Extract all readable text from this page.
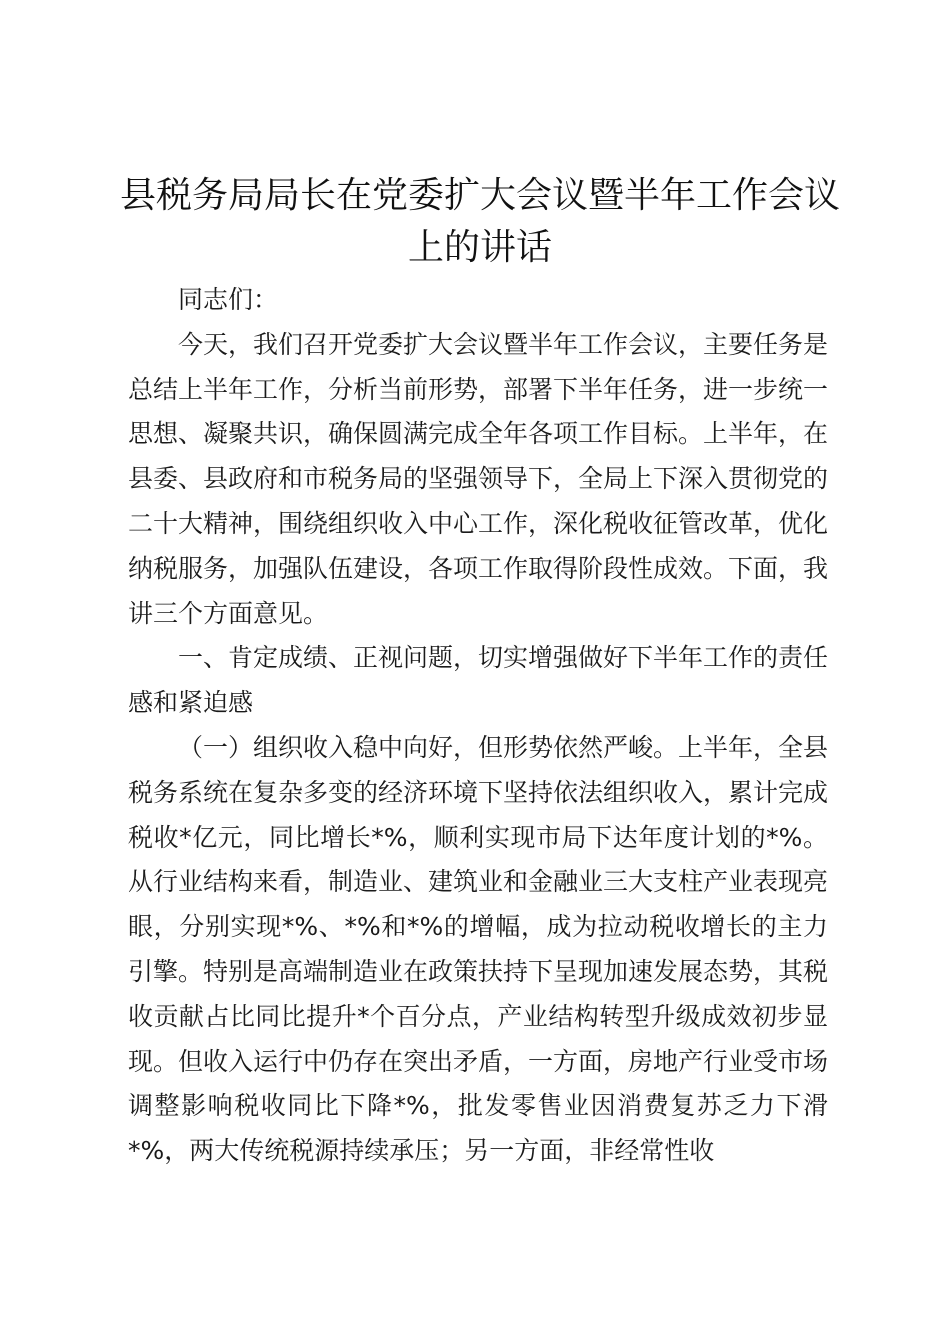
县税务局局长在党委扩大会议暨半年工作会议上的讲话

同志们：

今天，我们召开党委扩大会议暨半年工作会议，主要任务是总结上半年工作，分析当前形势，部署下半年任务，进一步统一思想、凝聚共识，确保圆满完成全年各项工作目标。上半年，在县委、县政府和市税务局的坚强领导下，全局上下深入贯彻党的二十大精神，围绕组织收入中心工作，深化税收征管改革，优化纳税服务，加强队伍建设，各项工作取得阶段性成效。下面，我讲三个方面意见。

一、肯定成绩、正视问题，切实增强做好下半年工作的责任感和紧迫感

（一）组织收入稳中向好，但形势依然严峻。上半年，全县税务系统在复杂多变的经济环境下坚持依法组织收入，累计完成税收*亿元，同比增长*%，顺利实现市局下达年度计划的*%。从行业结构来看，制造业、建筑业和金融业三大支柱产业表现亮眼，分别实现*%、*%和*%的增幅，成为拉动税收增长的主力引擎。特别是高端制造业在政策扶持下呈现加速发展态势，其税收贡献占比同比提升*个百分点，产业结构转型升级成效初步显现。但收入运行中仍存在突出矛盾，一方面，房地产行业受市场调整影响税收同比下降*%，批发零售业因消费复苏乏力下滑*%，两大传统税源持续承压；另一方面，非经常性收
